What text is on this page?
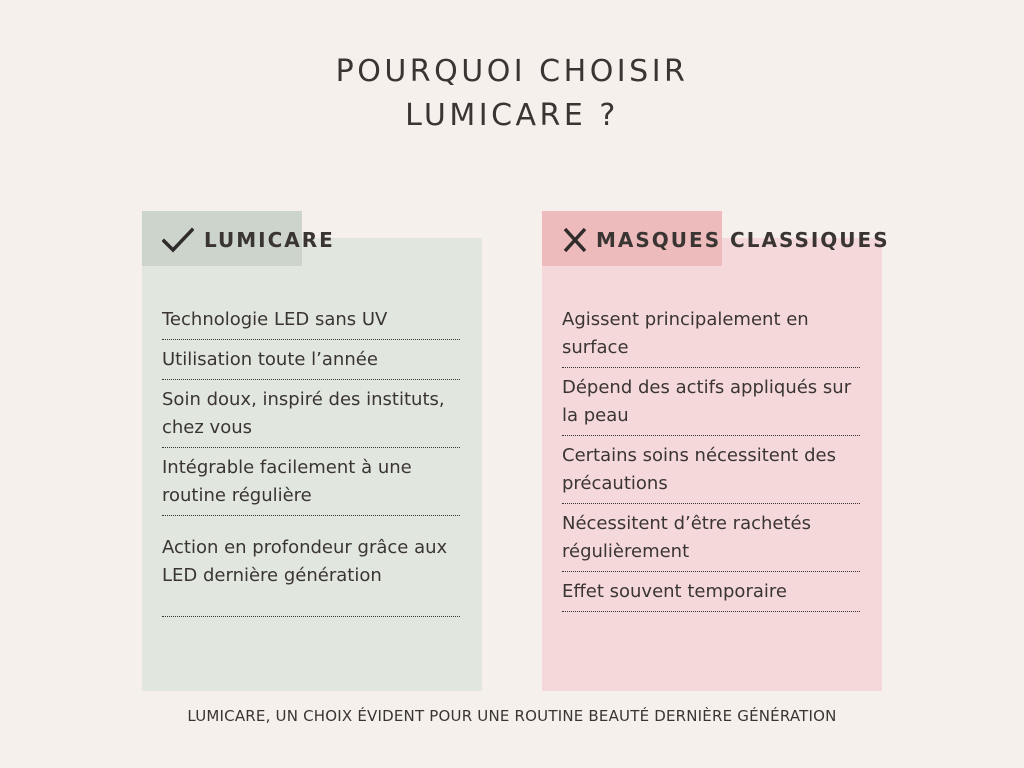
POURQUOI CHOISIR
LUMICARE ?
LUMICARE	MASQUES CLASSIQUES
Technologie LED sans UV
Utilisation toute l’année
Soin doux, inspiré des instituts, chez vous
Intégrable facilement à une routine régulière
Action en profondeur grâce aux LED dernière génération
Agissent principalement en surface
Dépend des actifs appliqués sur la peau
Certains soins nécessitent des précautions
Nécessitent d’être rachetés régulièrement
Effet souvent temporaire
LUMICARE, UN CHOIX ÉVIDENT POUR UNE ROUTINE BEAUTÉ DERNIÈRE GÉNÉRATION
